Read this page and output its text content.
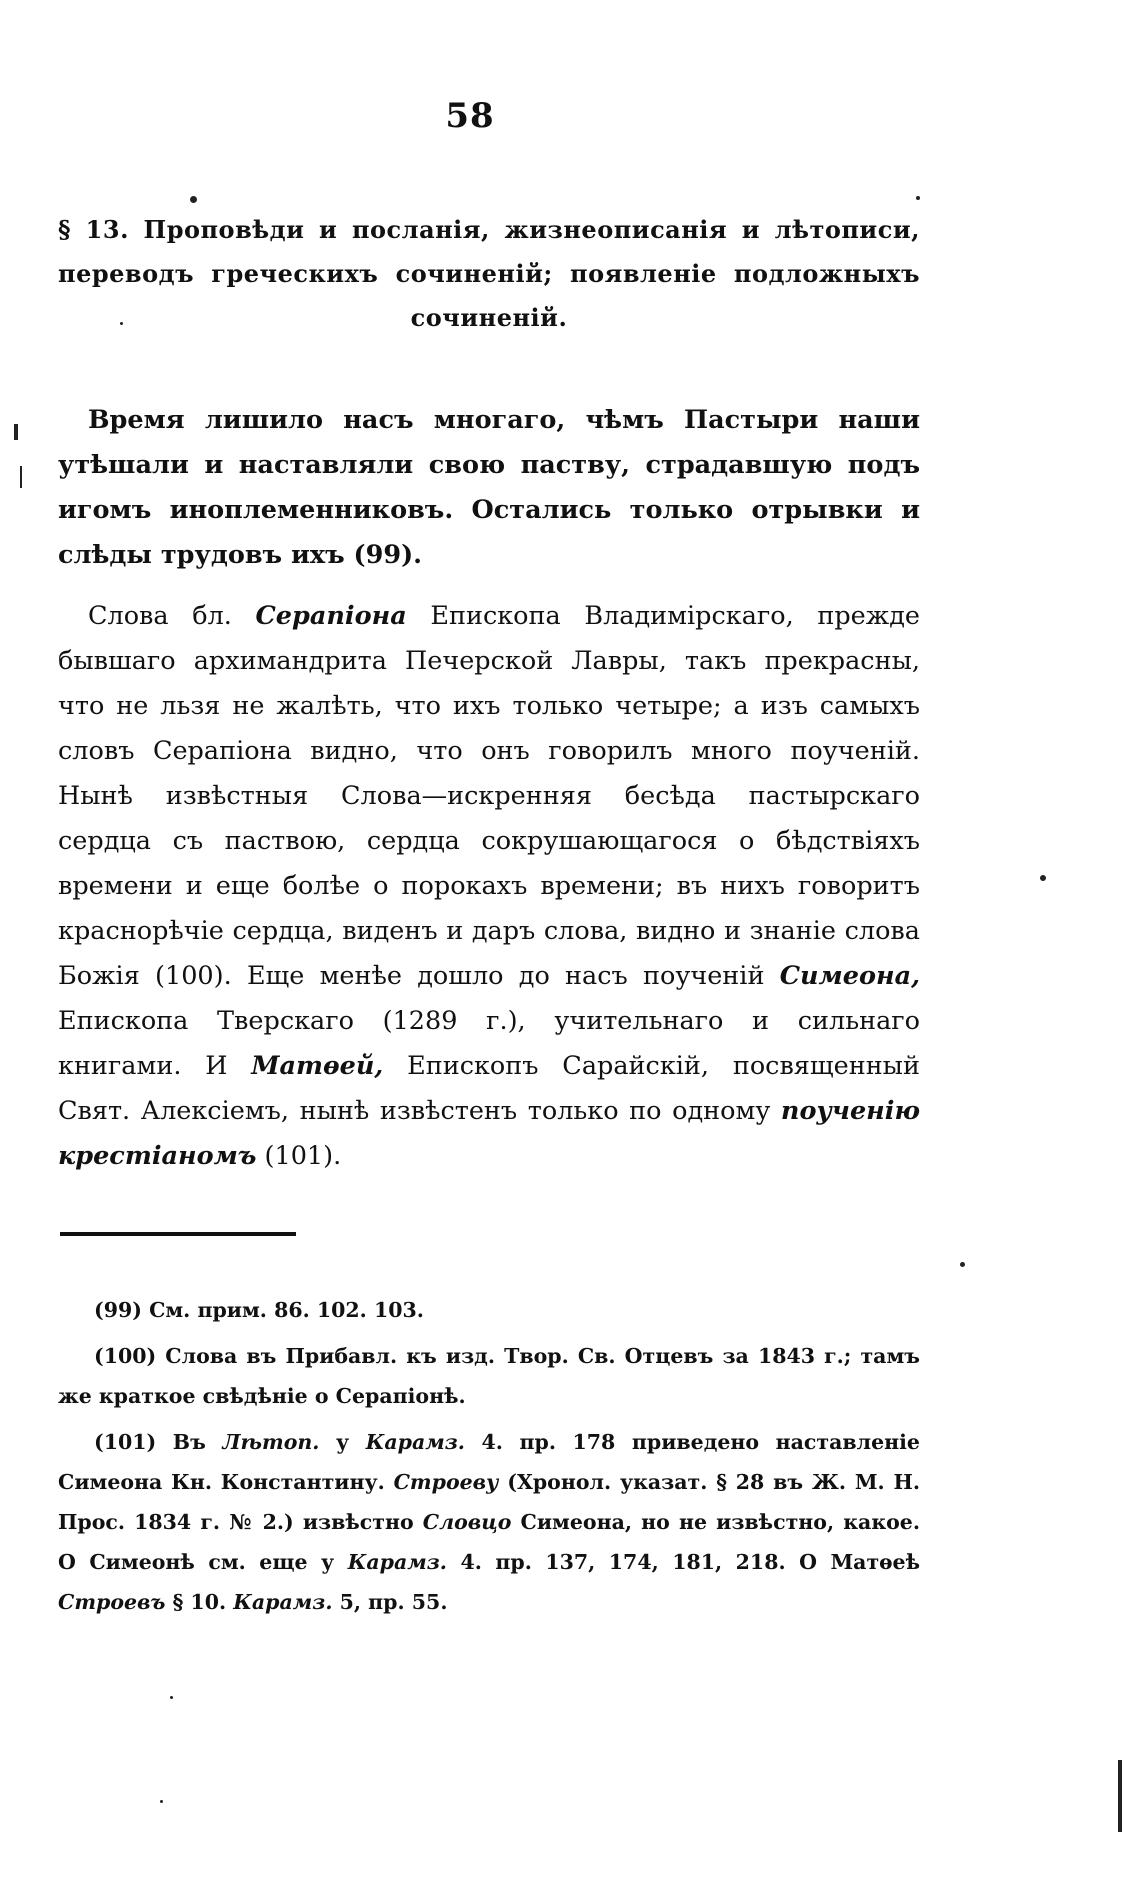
58
§ 13. Проповѣди и посланія, жизнеописанія и лѣтописи, переводъ греческихъ сочиненій; появленіе подложныхъ сочиненій.

Время лишило насъ многаго, чѣмъ Пастыри наши утѣшали и наставляли свою паству, страдавшую подъ игомъ иноплеменниковъ. Остались только отрывки и слѣды трудовъ ихъ (99).

Слова бл. Серапіона Епископа Владимірскаго, прежде бывшаго архимандрита Печерской Лавры, такъ прекрасны, что не льзя не жалѣть, что ихъ только четыре; а изъ самыхъ словъ Серапіона видно, что онъ говорилъ много поученій. Нынѣ извѣстныя Слова—искренняя бесѣда пастырскаго сердца съ паствою, сердца сокрушающагося о бѣдствіяхъ времени и еще болѣе о порокахъ времени; въ нихъ говоритъ краснорѣчіе сердца, виденъ и даръ слова, видно и знаніе слова Божія (100). Еще менѣе дошло до насъ поученій Симеона, Епископа Тверскаго (1289 г.), учительнаго и сильнаго книгами. И Матѳей, Епископъ Сарайскій, посвященный Свят. Алексіемъ, нынѣ извѣстенъ только по одному поученію крестіаномъ (101).

(99) См. прим. 86. 102. 103.

(100) Слова въ Прибавл. къ изд. Твор. Св. Отцевъ за 1843 г.; тамъ же краткое свѣдѣніе о Серапіонѣ.

(101) Въ Лѣтоп. у Карамз. 4. пр. 178 приведено наставленіе Симеона Кн. Константину. Строеву (Хронол. указат. § 28 въ Ж. М. Н. Прос. 1834 г. № 2.) извѣстно Словцо Симеона, но не извѣстно, какое. О Симеонѣ см. еще у Карамз. 4. пр. 137, 174, 181, 218. О Матѳеѣ Строевъ § 10. Карамз. 5, пр. 55.
